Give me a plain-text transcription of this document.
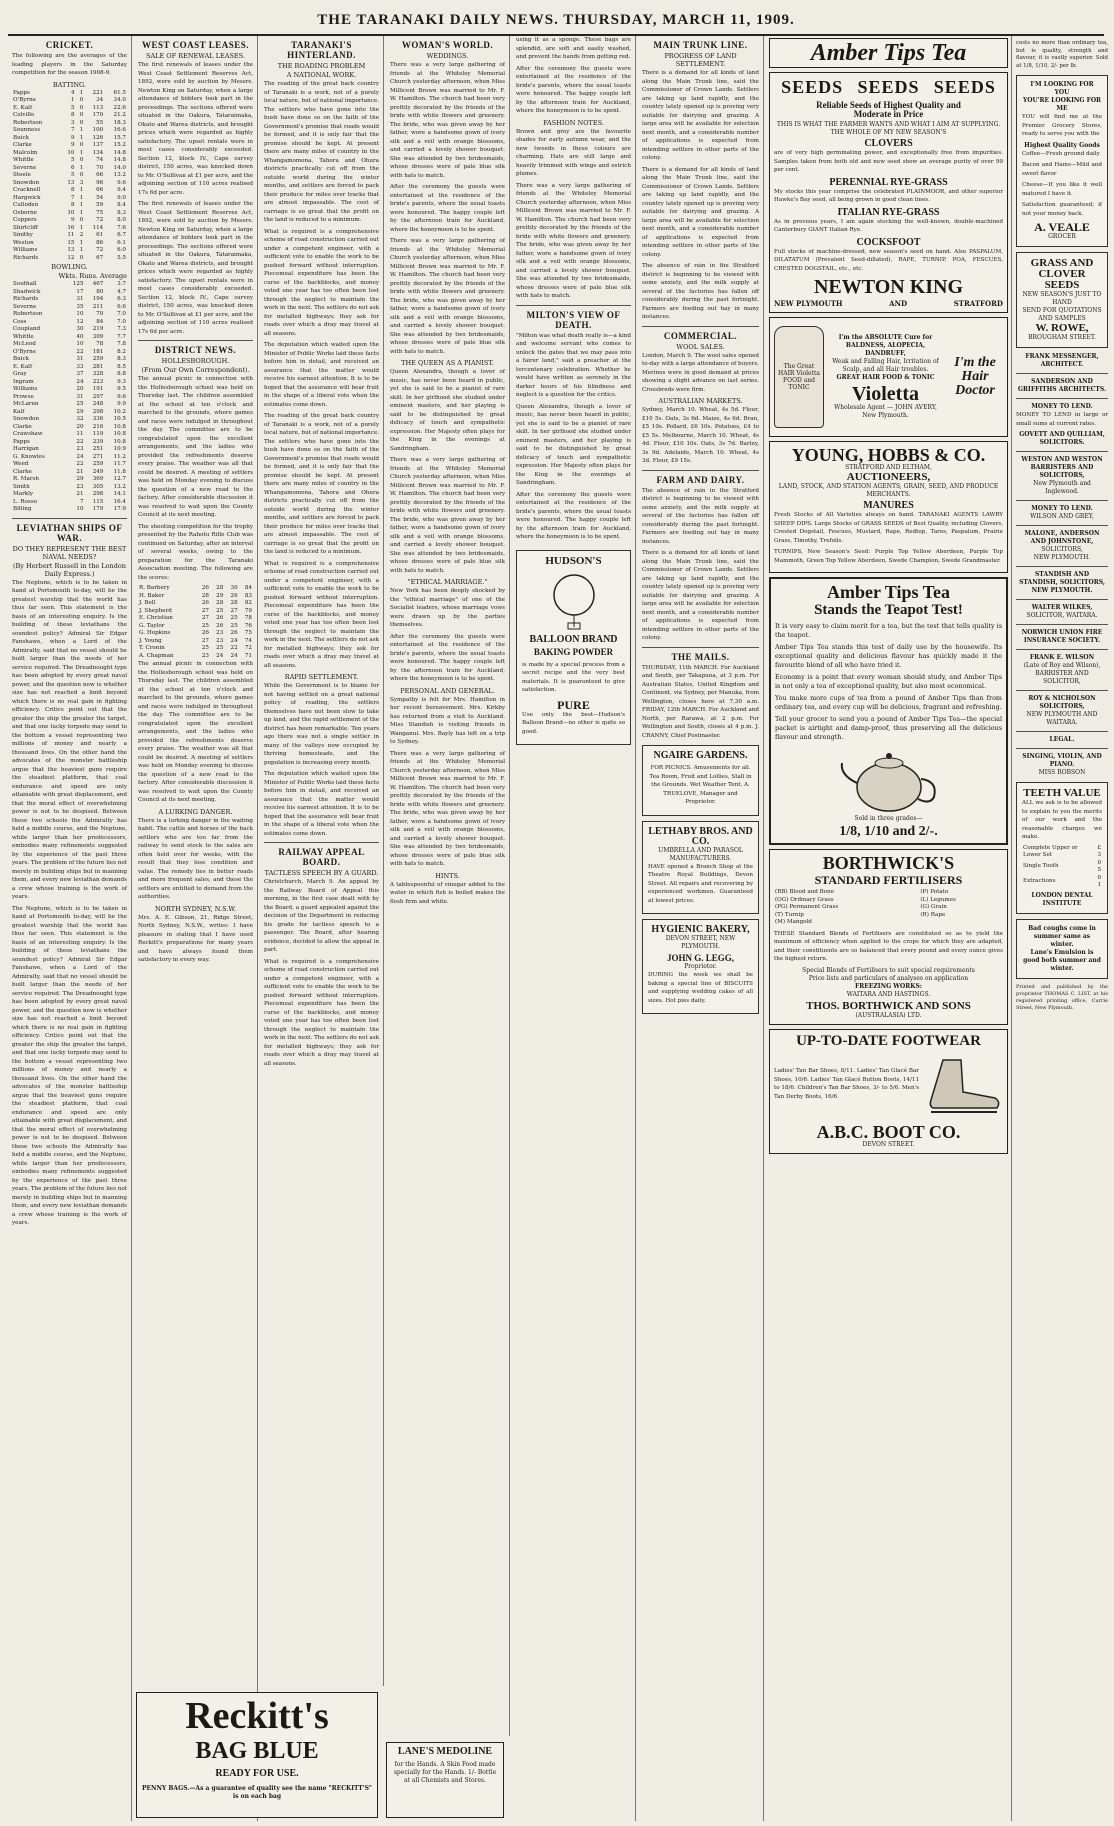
THE TARANAKI DAILY NEWS. THURSDAY, MARCH 11, 1909.
CRICKET.

The following are the averages of the leading players in the Saturday competition for the season 1908-9.

BATTING.
Papps	4	1	221	61.5
O'Byrne	1	0	34	34.0
E. Kalf	5	0	113	22.6
Colville	8	0	170	21.2
Robertson	3	0	55	18.3
Sounness	7	1	100	16.6
Buick	9	1	126	15.7
Clarke	9	0	137	15.2
Malcolm	10	1	134	14.8
Whittle	5	0	74	14.8
Severne	6	1	70	14.0
Steele	5	0	66	13.2
Snowdon	13	3	96	9.6
Cracknell	8	1	66	9.4
Hargwick	7	1	54	9.0
Culloden	8	1	59	8.4
Osborne	10	1	75	8.3
Coppers	9	0	72	8.0
Shirtcliff	16	1	114	7.6
Smithy	11	2	61	6.7
Weston	15	1	86	6.1
Williams	13	1	72	6.0
Richards	12	0	67	5.5
BOWLING.
Wkts. Runs. Average
Southall	125	467	3.7
Shadwick	17	80	4.7
Richards	31	194	6.3
Severne	35	211	6.6
Robertson	10	70	7.0
Coss	12	84	7.0
Coupland	30	219	7.3
Whittle	40	309	7.7
McLeod	10	78	7.8
O'Byrne	22	181	8.2
Buick	31	259	8.3
E. Kalf	33	281	8.5
Gray	37	328	8.8
Ingram	24	223	9.3
Williams	20	191	9.5
Prowse	31	297	9.6
McLaren	25	248	9.9
Kalf	29	298	10.2
Snowdon	32	336	10.5
Clarke	20	216	10.8
Crawshaw	11	119	10.8
Papps	22	239	10.8
Harrigan	23	251	10.9
G. Knowles	24	271	11.2
Weed	22	259	11.7
Clarke	21	249	11.8
R. Marsh	29	369	12.7
Smith	23	305	13.2
Markly	21	298	14.1
L. Rosso	7	115	16.4
Billing	10	179	17.9
LEVIATHAN SHIPS OF WAR.
DO THEY REPRESENT THE BEST NAVAL NEEDS?
(By Herbert Russell in the London Daily Express.)

The Neptune, which is to be taken in hand at Portsmouth to-day, will be the greatest warship that the world has thus far seen. This statement is the basis of an interesting enquiry. Is the building of these leviathans the soundest policy? Admiral Sir Edgar Fanshawe, when a Lord of the Admiralty, said that no vessel should be built larger than the needs of her service required. The Dreadnought type has been adopted by every great naval power, and the question now is whether size has not reached a limit beyond which there is no real gain in fighting efficiency. Critics point out that the greater the ship the greater the target, and that one lucky torpedo may send to the bottom a vessel representing two millions of money and nearly a thousand lives. On the other hand the advocates of the monster battleship argue that the heaviest guns require the steadiest platform, that coal endurance and speed are only attainable with great displacement, and that the moral effect of overwhelming power is not to be despised. Between these two schools the Admiralty has held a middle course, and the Neptune, while larger than her predecessors, embodies many refinements suggested by the experience of the past three years. The problem of the future lies not merely in building ships but in manning them, and every new leviathan demands a crew whose training is the work of years.

The Neptune, which is to be taken in hand at Portsmouth to-day, will be the greatest warship that the world has thus far seen. This statement is the basis of an interesting enquiry. Is the building of these leviathans the soundest policy? Admiral Sir Edgar Fanshawe, when a Lord of the Admiralty, said that no vessel should be built larger than the needs of her service required. The Dreadnought type has been adopted by every great naval power, and the question now is whether size has not reached a limit beyond which there is no real gain in fighting efficiency. Critics point out that the greater the ship the greater the target, and that one lucky torpedo may send to the bottom a vessel representing two millions of money and nearly a thousand lives. On the other hand the advocates of the monster battleship argue that the heaviest guns require the steadiest platform, that coal endurance and speed are only attainable with great displacement, and that the moral effect of overwhelming power is not to be despised. Between these two schools the Admiralty has held a middle course, and the Neptune, while larger than her predecessors, embodies many refinements suggested by the experience of the past three years. The problem of the future lies not merely in building ships but in manning them, and every new leviathan demands a crew whose training is the work of years.

WEST COAST LEASES.
SALE OF RENEWAL LEASES.

The first renewals of leases under the West Coast Settlement Reserves Act, 1892, were sold by auction by Messrs. Newton King on Saturday, when a large attendance of bidders took part in the proceedings. The sections offered were situated in the Oakura, Tataraimaka, Okato and Warea districts, and brought prices which were regarded as highly satisfactory. The upset rentals were in most cases considerably exceeded. Section 12, block IV., Cape survey district, 150 acres, was knocked down to Mr. O'Sullivan at £1 per acre, and the adjoining section of 110 acres realised 17s 6d per acre.

The first renewals of leases under the West Coast Settlement Reserves Act, 1892, were sold by auction by Messrs. Newton King on Saturday, when a large attendance of bidders took part in the proceedings. The sections offered were situated in the Oakura, Tataraimaka, Okato and Warea districts, and brought prices which were regarded as highly satisfactory. The upset rentals were in most cases considerably exceeded. Section 12, block IV., Cape survey district, 150 acres, was knocked down to Mr. O'Sullivan at £1 per acre, and the adjoining section of 110 acres realised 17s 6d per acre.

DISTRICT NEWS.
HOLLESBOROUGH.
(From Our Own Correspondent).

The annual picnic in connection with the Hollesborough school was held on Thursday last. The children assembled at the school at ten o'clock and marched to the grounds, where games and races were indulged in throughout the day. The committee are to be congratulated upon the excellent arrangements, and the ladies who provided the refreshments deserve every praise. The weather was all that could be desired. A meeting of settlers was held on Monday evening to discuss the question of a new road to the factory. After considerable discussion it was resolved to wait upon the County Council at its next meeting.

The shooting competition for the trophy presented by the Rahotu Rifle Club was continued on Saturday, after an interval of several weeks, owing to the preparation for the Taranaki Association meeting. The following are the scores:

R. Barbery	26	28	30	84
H. Baker	28	29	26	83
J. Bell	26	28	28	82
J. Shepherd	27	25	27	79
E. Christian	27	26	25	78
G. Taylor	25	26	25	76
G. Hopkins	26	23	26	75
J. Young	27	23	24	74
T. Cronin	25	25	22	72
A. Chapman	23	24	24	71

The annual picnic in connection with the Hollesborough school was held on Thursday last. The children assembled at the school at ten o'clock and marched to the grounds, where games and races were indulged in throughout the day. The committee are to be congratulated upon the excellent arrangements, and the ladies who provided the refreshments deserve every praise. The weather was all that could be desired. A meeting of settlers was held on Monday evening to discuss the question of a new road to the factory. After considerable discussion it was resolved to wait upon the County Council at its next meeting.

A LURKING DANGER.

There is a lurking danger in the waiting habit. The cattle and horses of the back settlers who are too far from the railway to send stock to the sales are often held over for weeks, with the result that they lose condition and value. The remedy lies in better roads and more frequent sales, and these the settlers are entitled to demand from the authorities.

NORTH SYDNEY, N.S.W.

Mrs. A. E. Gibson, 21, Ridge Street, North Sydney, N.S.W., writes: I have pleasure in stating that I have used Reckitt's preparations for many years and have always found them satisfactory in every way.

Reckitt's
BAG BLUE
READY FOR USE.
PENNY BAGS.—As a guarantee of quality see the name "RECKITT'S" is on each bag
TARANAKI'S HINTERLAND.
THE ROADING PROBLEM
A NATIONAL WORK.

The roading of the great back country of Taranaki is a work, not of a purely local nature, but of national importance. The settlers who have gone into the bush have done so on the faith of the Government's promise that roads would be formed, and it is only fair that the promise should be kept. At present there are many miles of country in the Whangamomona, Tahora and Ohura districts practically cut off from the outside world during the winter months, and settlers are forced to pack their produce for miles over tracks that are almost impassable. The cost of carriage is so great that the profit on the land is reduced to a minimum.

What is required is a comprehensive scheme of road construction carried out under a competent engineer, with a sufficient vote to enable the work to be pushed forward without interruption. Piecemeal expenditure has been the curse of the backblocks, and money voted one year has too often been lost through the neglect to maintain the work in the next. The settlers do not ask for metalled highways; they ask for roads over which a dray may travel at all seasons.

The deputation which waited upon the Minister of Public Works laid these facts before him in detail, and received an assurance that the matter would receive his earnest attention. It is to be hoped that the assurance will bear fruit in the shape of a liberal vote when the estimates come down.

The roading of the great back country of Taranaki is a work, not of a purely local nature, but of national importance. The settlers who have gone into the bush have done so on the faith of the Government's promise that roads would be formed, and it is only fair that the promise should be kept. At present there are many miles of country in the Whangamomona, Tahora and Ohura districts practically cut off from the outside world during the winter months, and settlers are forced to pack their produce for miles over tracks that are almost impassable. The cost of carriage is so great that the profit on the land is reduced to a minimum.

What is required is a comprehensive scheme of road construction carried out under a competent engineer, with a sufficient vote to enable the work to be pushed forward without interruption. Piecemeal expenditure has been the curse of the backblocks, and money voted one year has too often been lost through the neglect to maintain the work in the next. The settlers do not ask for metalled highways; they ask for roads over which a dray may travel at all seasons.

RAPID SETTLEMENT.

While the Government is to blame for not having settled on a great national policy of roading, the settlers themselves have not been slow to take up land, and the rapid settlement of the district has been remarkable. Ten years ago there was not a single settler in many of the valleys now occupied by thriving homesteads, and the population is increasing every month.

The deputation which waited upon the Minister of Public Works laid these facts before him in detail, and received an assurance that the matter would receive his earnest attention. It is to be hoped that the assurance will bear fruit in the shape of a liberal vote when the estimates come down.

RAILWAY APPEAL BOARD.
TACTLESS SPEECH BY A GUARD.

Christchurch, March 9. An appeal by the Railway Board of Appeal this morning, in the first case dealt with by the Board, a guard appealed against the decision of the Department in reducing his grade for tactless speech to a passenger. The Board, after hearing evidence, decided to allow the appeal in part.

What is required is a comprehensive scheme of road construction carried out under a competent engineer, with a sufficient vote to enable the work to be pushed forward without interruption. Piecemeal expenditure has been the curse of the backblocks, and money voted one year has too often been lost through the neglect to maintain the work in the next. The settlers do not ask for metalled highways; they ask for roads over which a dray may travel at all seasons.

LANE'S MEDOLINE
for the Hands. A Skin Food made specially for the Hands. 1/- Bottle at all Chemists and Stores.
WOMAN'S WORLD.
WEDDINGS.

There was a very large gathering of friends at the Whiteley Memorial Church yesterday afternoon, when Miss Millicent Brown was married to Mr. F. W. Hamilton. The church had been very prettily decorated by the friends of the bride with white flowers and greenery. The bride, who was given away by her father, wore a handsome gown of ivory silk and a veil with orange blossoms, and carried a lovely shower bouquet. She was attended by two bridesmaids, whose dresses were of pale blue silk with hats to match.

After the ceremony the guests were entertained at the residence of the bride's parents, where the usual toasts were honoured. The happy couple left by the afternoon train for Auckland, where the honeymoon is to be spent.

There was a very large gathering of friends at the Whiteley Memorial Church yesterday afternoon, when Miss Millicent Brown was married to Mr. F. W. Hamilton. The church had been very prettily decorated by the friends of the bride with white flowers and greenery. The bride, who was given away by her father, wore a handsome gown of ivory silk and a veil with orange blossoms, and carried a lovely shower bouquet. She was attended by two bridesmaids, whose dresses were of pale blue silk with hats to match.

THE QUEEN AS A PIANIST.

Queen Alexandra, though a lover of music, has never been heard in public, yet she is said to be a pianist of rare skill. In her girlhood she studied under eminent masters, and her playing is said to be distinguished by great delicacy of touch and sympathetic expression. Her Majesty often plays for the King in the evenings at Sandringham.

There was a very large gathering of friends at the Whiteley Memorial Church yesterday afternoon, when Miss Millicent Brown was married to Mr. F. W. Hamilton. The church had been very prettily decorated by the friends of the bride with white flowers and greenery. The bride, who was given away by her father, wore a handsome gown of ivory silk and a veil with orange blossoms, and carried a lovely shower bouquet. She was attended by two bridesmaids, whose dresses were of pale blue silk with hats to match.

"ETHICAL MARRIAGE."

New York has been deeply shocked by the "ethical marriage" of one of the Socialist leaders, whose marriage vows were drawn up by the parties themselves.

After the ceremony the guests were entertained at the residence of the bride's parents, where the usual toasts were honoured. The happy couple left by the afternoon train for Auckland, where the honeymoon is to be spent.

PERSONAL AND GENERAL.

Sympathy is felt for Mrs. Hamilton in her recent bereavement. Mrs. Kirkby has returned from a visit to Auckland. Miss Standish is visiting friends in Wanganui. Mrs. Bayly has left on a trip to Sydney.

There was a very large gathering of friends at the Whiteley Memorial Church yesterday afternoon, when Miss Millicent Brown was married to Mr. F. W. Hamilton. The church had been very prettily decorated by the friends of the bride with white flowers and greenery. The bride, who was given away by her father, wore a handsome gown of ivory silk and a veil with orange blossoms, and carried a lovely shower bouquet. She was attended by two bridesmaids, whose dresses were of pale blue silk with hats to match.

HINTS.

A tablespoonful of vinegar added to the water in which fish is boiled makes the flesh firm and white.

using it as a sponge. These bags are splendid, are soft and easily washed, and prevent the hands from getting red.

After the ceremony the guests were entertained at the residence of the bride's parents, where the usual toasts were honoured. The happy couple left by the afternoon train for Auckland, where the honeymoon is to be spent.

FASHION NOTES.

Brown and grey are the favourite shades for early autumn wear, and the new tweeds in these colours are charming. Hats are still large and heavily trimmed with wings and ostrich plumes.

There was a very large gathering of friends at the Whiteley Memorial Church yesterday afternoon, when Miss Millicent Brown was married to Mr. F. W. Hamilton. The church had been very prettily decorated by the friends of the bride with white flowers and greenery. The bride, who was given away by her father, wore a handsome gown of ivory silk and a veil with orange blossoms, and carried a lovely shower bouquet. She was attended by two bridesmaids, whose dresses were of pale blue silk with hats to match.

MILTON'S VIEW OF DEATH.

"Milton was what death really is—a kind and welcome servant who comes to unlock the gates that we may pass into a fairer land," said a preacher at the tercentenary celebration. Whether he would have written as serenely in the darker hours of his blindness and neglect is a question for the critics.

Queen Alexandra, though a lover of music, has never been heard in public, yet she is said to be a pianist of rare skill. In her girlhood she studied under eminent masters, and her playing is said to be distinguished by great delicacy of touch and sympathetic expression. Her Majesty often plays for the King in the evenings at Sandringham.

After the ceremony the guests were entertained at the residence of the bride's parents, where the usual toasts were honoured. The happy couple left by the afternoon train for Auckland, where the honeymoon is to be spent.

HUDSON'S
BALLOON BRAND
BAKING POWDER

is made by a special process from a secret recipe and the very best materials. It is guaranteed to give satisfaction.

PURE

Use only the best—Hudson's Balloon Brand—no other is quite so good.

MAIN TRUNK LINE.
PROGRESS OF LAND SETTLEMENT.

There is a demand for all kinds of land along the Main Trunk line, said the Commissioner of Crown Lands. Settlers are taking up land rapidly, and the country lately opened up is proving very suitable for dairying and grazing. A large area will be available for selection next month, and a considerable number of applications is expected from intending settlers in other parts of the colony.

There is a demand for all kinds of land along the Main Trunk line, said the Commissioner of Crown Lands. Settlers are taking up land rapidly, and the country lately opened up is proving very suitable for dairying and grazing. A large area will be available for selection next month, and a considerable number of applications is expected from intending settlers in other parts of the colony.

The absence of rain in the Stratford district is beginning to be viewed with some anxiety, and the milk supply at several of the factories has fallen off considerably during the past fortnight. Farmers are feeding out hay in many instances.

COMMERCIAL.
WOOL SALES.

London, March 9. The wool sales opened to-day with a large attendance of buyers. Merinos were in good demand at prices showing a slight advance on last series. Crossbreds were firm.

AUSTRALIAN MARKETS.

Sydney, March 10. Wheat, 4s 5d. Flour, £10 5s. Oats, 3s 6d. Maize, 4s 6d. Bran, £5 10s. Pollard, £6 10s. Potatoes, £4 to £5 5s. Melbourne, March 10. Wheat, 4s 4d. Flour, £10 10s. Oats, 3s 7d. Barley, 3s 9d. Adelaide, March 10. Wheat, 4s 3d. Flour, £9 15s.

FARM AND DAIRY.

The absence of rain in the Stratford district is beginning to be viewed with some anxiety, and the milk supply at several of the factories has fallen off considerably during the past fortnight. Farmers are feeding out hay in many instances.

There is a demand for all kinds of land along the Main Trunk line, said the Commissioner of Crown Lands. Settlers are taking up land rapidly, and the country lately opened up is proving very suitable for dairying and grazing. A large area will be available for selection next month, and a considerable number of applications is expected from intending settlers in other parts of the colony.

THE MAILS.

THURSDAY, 11th MARCH. For Auckland and South, per Takapuna, at 3 p.m. For Australian States, United Kingdom and Continent, via Sydney, per Manuka, from Wellington, closes here at 7.30 a.m. FRIDAY, 12th MARCH. For Auckland and North, per Rarawa, at 2 p.m. For Wellington and South, closes at 4 p.m. J. CRANNY, Chief Postmaster.

NGAIRE GARDENS.

FOR PICNICS. Amusements for all. Tea Room, Fruit and Lollies, Stall in the Grounds. Wet Weather Tent. A. TRUELOVE, Manager and Proprietor.

LETHABY BROS. AND CO.
UMBRELLA AND PARASOL MANUFACTURERS.

HAVE opened a Branch Shop at the Theatre Royal Buildings, Devon Street. All repairs and recovering by experienced workmen. Guaranteed at lowest prices.

HYGIENIC BAKERY,
DEVON STREET, NEW PLYMOUTH.
JOHN G. LEGG,
Proprietor.

DURING the week we shall be baking a special line of BISCUITS and supplying wedding cakes of all sizes. Hot pies daily.

Amber Tips Tea
SEEDS SEEDS SEEDS
Reliable Seeds of Highest Quality and
Moderate in Price
THIS IS WHAT THE FARMER WANTS AND WHAT I AIM AT SUPPLYING.
THE WHOLE OF MY NEW SEASON'S
CLOVERS

are of very high germinating power, and exceptionally free from impurities. Samples taken from both old and new seed show an average purity of over 99 per cent.

PERENNIAL RYE-GRASS

My stocks this year comprise the celebrated PLAINMOOR, and other superior Hawke's Bay seed, all being grown in good clean lines.

ITALIAN RYE-GRASS

As in previous years, I am again stocking the well-known, double-machined Canterbury GIANT Italian Rye.

COCKSFOOT

Full stocks of machine-dressed, new season's seed on hand. Also PASPALUM, DILATATUM (Prevalent Seed-dillated), RAPE, TURNIP, POA, FESCUES, CRESTED DOGSTAIL, etc., etc.

NEWTON KING
NEW PLYMOUTH	AND	STRATFORD
The Great HAIR Violetta FOOD and TONIC
I'm the ABSOLUTE Cure for BALDNESS, ALOPECIA, DANDRUFF,
Weak and Falling Hair, Irritation of Scalp, and all Hair troubles.
GREAT HAIR FOOD & TONIC
Violetta
Wholesale Agent — JOHN AVERY, New Plymouth.
I'm the Hair Doctor
YOUNG, HOBBS & CO.
STRATFORD AND ELTHAM,
AUCTIONEERS,
LAND, STOCK, AND STATION AGENTS, GRAIN, SEED, AND PRODUCE MERCHANTS.
MANURES

Fresh Stocks of All Varieties always on hand. TARANAKI AGENTS LAWRY SHEEP DIPS. Large Stocks of GRASS SEEDS of Best Quality, including Clovers, Crested Dogstail, Fescues, Mustard, Rape, Redtop, Tares, Paspalum, Prairie Grass, Timothy, Trefoils.

TURNIPS, New Season's Seed: Purple Top Yellow Aberdeen, Purple Top Mammoth, Green Top Yellow Aberdeen, Swede Champion, Swede Grandmaster.

Amber Tips Tea
Stands the Teapot Test!

It is very easy to claim merit for a tea, but the test that tells quality is the teapot.

Amber Tips Tea stands this test of daily use by the housewife. Its exceptional quality and delicious flavour has quickly made it the favourite blend of all who have tried it.

Economy is a point that every woman should study, and Amber Tips is not only a tea of exceptional quality, but also most economical.

You make more cups of tea from a pound of Amber Tips than from ordinary tea, and every cup will be delicious, fragrant and refreshing.

Tell your grocer to send you a pound of Amber Tips Tea—the special packet is airtight and damp-proof, thus preserving all the delicious flavour and strength.

Sold in three grades—
1/8, 1/10 and 2/-.
BORTHWICK'S
STANDARD FERTILISERS
(BB) Blood and Bone	(P) Potato
(OG) Ordinary Grass	(L) Legumes
(PG) Permanent Grass	(G) Grain
(T) Turnip	(R) Rape
(M) Mangold	

THESE Standard Blends of Fertilisers are constituted so as to yield the maximum of efficiency when applied to the crops for which they are adapted, and their constituents are so balanced that every pound and every ounce gives the highest return.

Special Blends of Fertilisers to suit special requirements
Price lists and particulars of analyses on application
FREEZING WORKS:
WAITARA AND HASTINGS.
THOS. BORTHWICK AND SONS
(AUSTRALASIA) LTD.
UP-TO-DATE FOOTWEAR

Ladies' Tan Bar Shoes, 8/11. Ladies' Tan Glacé Bar Shoes, 10/6. Ladies' Tan Glacé Button Boots, 14/11 to 18/6. Children's Tan Bar Shoes, 3/- to 5/6. Men's Tan Derby Boots, 16/6.

A.B.C. BOOT CO.
DEVON STREET.

costs no more than ordinary tea, but is quality, strength and flavour, it is vastly superior. Sold at 1/8, 1/10, 2/- per lb.

I'M LOOKING FOR YOU
YOU'RE LOOKING FOR ME

YOU will find me at the Premier Grocery Stores, ready to serve you with the

Highest Quality Goods

Coffee—Fresh ground daily

Bacon and Hams—Mild and sweet flavor

Cheese—If you like it well matured I have it.

Satisfaction guaranteed; if not your money back.

A. VEALE
GROCER
GRASS AND
CLOVER SEEDS
NEW SEASON'S JUST TO HAND
SEND FOR QUOTATIONS AND SAMPLES
W. ROWE,
BROUGHAM STREET.
FRANK MESSENGER, ARCHITECT.
SANDERSON AND GRIFFITHS ARCHITECTS.
MONEY TO LEND.

MONEY TO LEND in large or small sums at current rates.

GOVETT AND QUILLIAM, SOLICITORS.
WESTON AND WESTON BARRISTERS AND SOLICITORS,
New Plymouth and Inglewood.
MONEY TO LEND.
WILSON AND GREY,
MALONE, ANDERSON AND JOHNSTONE,
SOLICITORS,
NEW PLYMOUTH.
STANDISH AND STANDISH, SOLICITORS, NEW PLYMOUTH.
WALTER WILKES,
SOLICITOR, WAITARA.
NORWICH UNION FIRE INSURANCE SOCIETY.
FRANK E. WILSON
(Late of Roy and Wilson), BARRISTER AND SOLICITOR,
ROY & NICHOLSON SOLICITORS,
NEW PLYMOUTH AND WAITARA.
LEGAL.
SINGING, VIOLIN, AND PIANO.
MISS ROBSON
TEETH VALUE

ALL we ask is to be allowed to explain to you the merits of our work and the reasonable charges we make.

Complete Upper or Lower Set	£ 3
Single Tooth	0 5
Extractions	0 1
LONDON DENTAL INSTITUTE
Bad coughs come in summer same as winter.
Lane's Emulsion is good both summer and winter.

Printed and published by the proprietor THOMAS C. LIST, at his registered printing office, Currie Street, New Plymouth.
